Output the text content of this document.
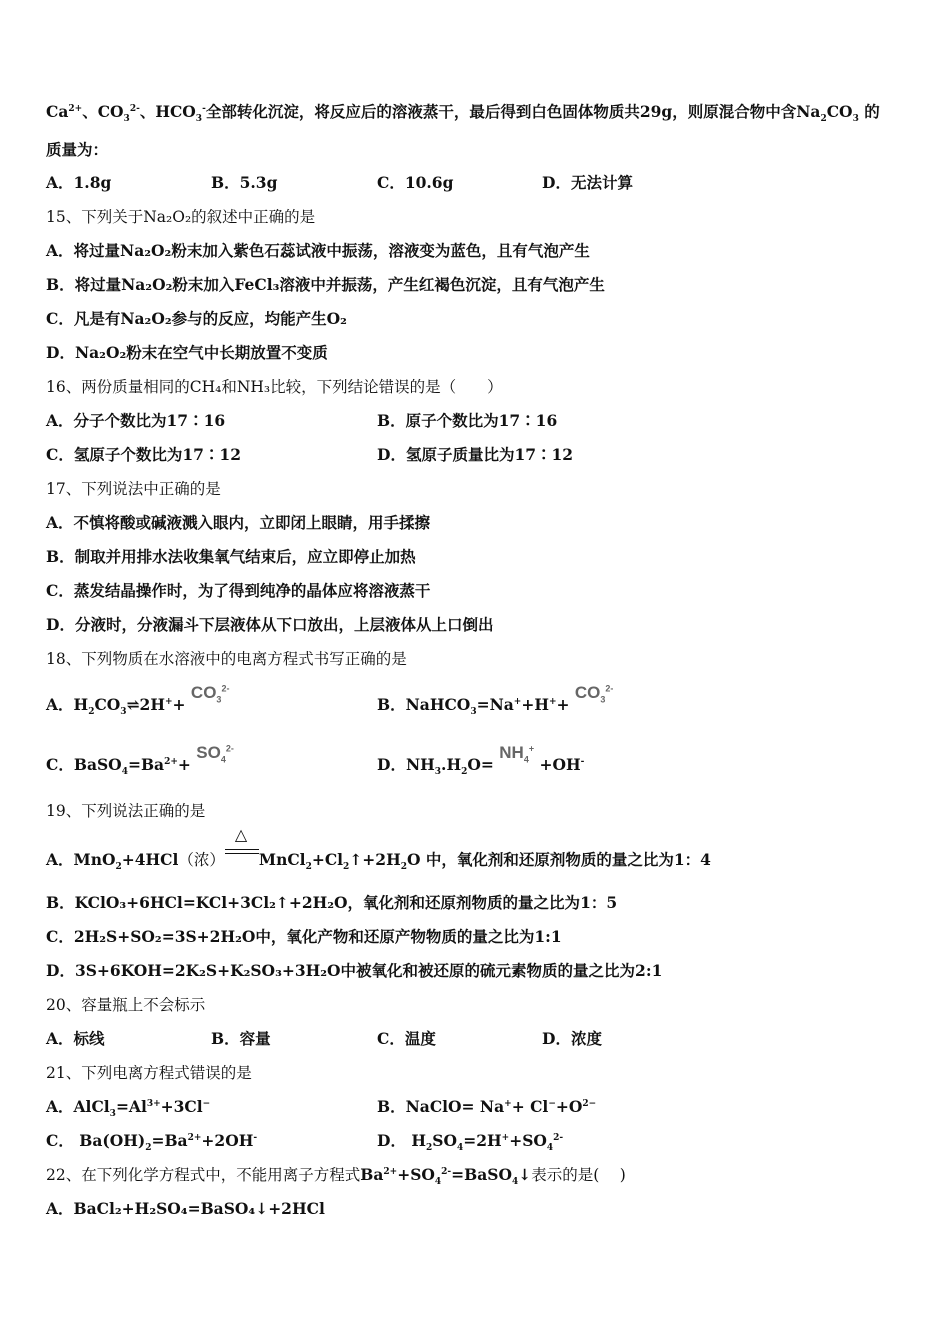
$Ca^{2+}$、$CO_3^{2-}$、$HCO_3^-$全部转化沉淀，将反应后的溶液蒸干，最后得到白色固体物质共29g，则原混合物中含$Na_2CO_3$ 的
质量为：
A．1.8g	B．5.3g	C．10.6g	D．无法计算
15、下列关于Na₂O₂的叙述中正确的是
A．将过量Na₂O₂粉末加入紫色石蕊试液中振荡，溶液变为蓝色，且有气泡产生
B．将过量Na₂O₂粉末加入FeCl₃溶液中并振荡，产生红褐色沉淀，且有气泡产生
C．凡是有Na₂O₂参与的反应，均能产生O₂
D．Na₂O₂粉末在空气中长期放置不变质
16、两份质量相同的CH₄和NH₃比较，下列结论错误的是（　　）
A．分子个数比为17∶16	B．原子个数比为17∶16
C．氢原子个数比为17∶12	D．氢原子质量比为17∶12
17、下列说法中正确的是
A．不慎将酸或碱液溅入眼内，立即闭上眼睛，用手揉擦
B．制取并用排水法收集氧气结束后，应立即停止加热
C．蒸发结晶操作时，为了得到纯净的晶体应将溶液蒸干
D．分液时，分液漏斗下层液体从下口放出，上层液体从上口倒出
18、下列物质在水溶液中的电离方程式书写正确的是
A．$H_2CO_3\rightleftharpoons 2H^++ CO_3^{2-}$
B．NaHCO$_3$=Na++H++ $CO_3^{2-}$
C．$BaSO_4=Ba^{2+}+ SO_4^{2-}$
D．$NH_3.H_2O= NH_4^+ +OH^-$
19、下列说法正确的是
A．MnO$_2$+4HCl（浓）
△
$MnCl_2+Cl_2↑+2H_2O$ 中，氧化剂和还原剂物质的量之比为1：4
B．KClO₃+6HCl=KCl+3Cl₂↑+2H₂O，氧化剂和还原剂物质的量之比为1：5
C．2H₂S+SO₂=3S+2H₂O中，氧化产物和还原产物物质的量之比为1:1
D．3S+6KOH=2K₂S+K₂SO₃+3H₂O中被氧化和被还原的硫元素物质的量之比为2:1
20、容量瓶上不会标示
A．标线	B．容量	C．温度	D．浓度
21、下列电离方程式错误的是
A．$AlCl_3=Al^{3+}+3Cl^-$	B．NaClO= $Na^++ Cl^-+O^{2-}$
C． $Ba(OH)_2=Ba^{2+}+2OH^-$	D． $H_2SO_4=2H^++SO_4^{2-}$
22、在下列化学方程式中，不能用离子方程式$Ba^{2+}+SO_4^{2-}=BaSO_4↓$表示的是(　 )
A．BaCl₂+H₂SO₄=BaSO₄↓+2HCl
